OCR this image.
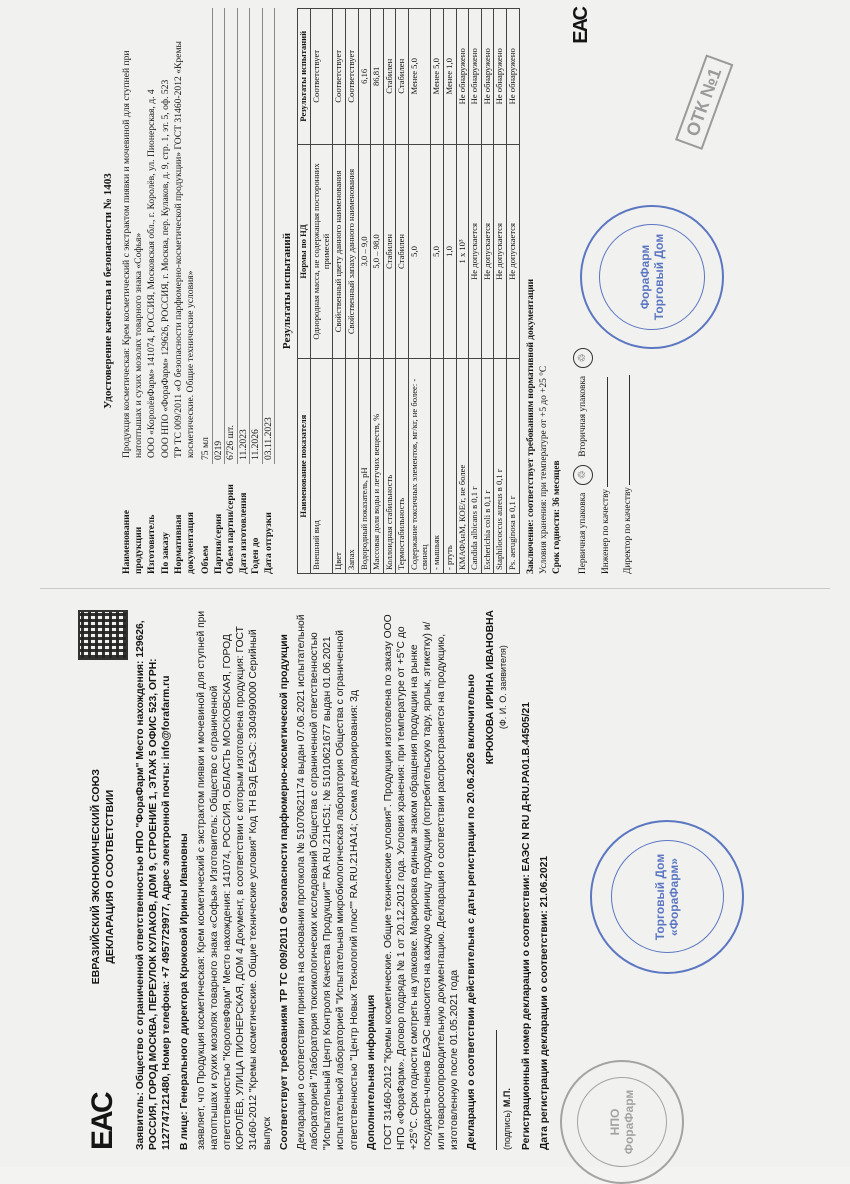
ЕАС
ЕВРАЗИЙСКИЙ ЭКОНОМИЧЕСКИЙ СОЮЗ ДЕКЛАРАЦИЯ О СООТВЕТСТВИИ Заявитель: Общество с ограниченной ответственностью НПО "ФораФарм" Место нахождения: 129626, РОССИЯ, ГОРОД МОСКВА, ПЕРЕУЛОК КУЛАКОВ, ДОМ 9, СТРОЕНИЕ 1, ЭТАЖ 5 ОФИС 523, ОГРН: 1127747121480, Номер телефона: +7 4957729977, Адрес электронной почты: info@forafarm.ru В лице: Генерального директора Крюковой Ирины Ивановны заявляет, что Продукция косметическая: Крем косметический с экстрактом пиявки и мочевиной для ступней при натоптышах и сухих мозолях товарного знака «Софья» Изготовитель: Общество с ограниченной ответственностью "КоролевФарм" Место нахождения: 141074, РОССИЯ, ОБЛАСТЬ МОСКОВСКАЯ, ГОРОД КОРОЛЁВ, УЛИЦА ПИОНЕРСКАЯ, ДОМ 4 Документ, в соответствии с которым изготовлена продукция: ГОСТ 31460-2012 "Кремы косметические. Общие технические условия" Код ТН ВЭД ЕАЭС: 3304990000 Серийный выпуск Соответствует требованиям ТР ТС 009/2011 О безопасности парфюмерно-косметической продукции Декларация о соответствии принята на основании протокола № 51070621174 выдан 07.06.2021 испытательной лабораторией "Лаборатория токсикологических исследований Общества с ограниченной ответственностью "Испытательный Центр Контроля Качества Продукции"" RA.RU.21НС51; № 51010621677 выдан 01.06.2021 испытательной лабораторией "Испытательная микробиологическая лаборатория Общества с ограниченной ответственностью "Центр Новых Технологий плюс"" RA.RU.21НА14; Схема декларирования: 3д Дополнительная информация ГОСТ 31460-2012 "Кремы косметические. Общие технические условия". Продукция изготовлена по заказу ООО НПО «ФораФарм». Договор подряда № 1 от 20.12.2012 года. Условия хранения: при температуре от +5°С до +25°С. Срок годности смотреть на упаковке. Маркировка единым знаком обращения продукции на рынке государств-членов ЕАЭС наносится на каждую единицу продукции (потребительскую тару, ярлык, этикетку) и/или товаросопроводительную документацию. Декларация о соответствии распространяется на продукцию, изготовленную после 01.05.2021 года Декларация о соответствии действительна с даты регистрации по 20.06.2026 включительно	(подпись) М.П.
КРЮКОВА ИРИНА ИВАНОВНА (Ф. И. О. заявителя)

Регистрационный номер декларации о соответствии: ЕАЭС N RU Д-RU.PA01.B.44505/21 Дата регистрации декларации о соответствии: 21.06.2021

Удостоверение качества и безопасности № 1403
Наименование продукции
Продукция косметическая: Крем косметический с экстрактом пиявки и мочевиной для ступней при натоптышах и сухих мозолях товарного знака «Софья»
Изготовитель
ООО «КоролёвФарм» 141074, РОССИЯ, Московская обл., г. Королёв, ул. Пионерская, д. 4
По заказу
ООО НПО «ФораФарм» 129626, РОССИЯ, г. Москва, пер. Кулаков, д. 9, стр. 1, эт. 5, оф. 523
Нормативная документация
ТР ТС 009/2011 «О безопасности парфюмерно-косметической продукции» ГОСТ 31460-2012 «Кремы косметические. Общие технические условия»
Объем
75 мл
Партия/серия
0219
Объем партии/серии
6726 шт.
Дата изготовления
11.2023
Годен до
11.2026
Дата отгрузки
03.11.2023
Результаты испытаний
Наименование показателя	Нормы по НД	Результаты испытаний
Внешний вид	Однородная масса, не содержащая посторонних примесей	Соответствует
Цвет	Свойственный цвету данного наименования	Соответствует
Запах	Свойственный запаху данного наименования	Соответствует
Водородный показатель, pH	3,0 – 9,0	6,16
Массовая доля воды и летучих веществ, %	5,0 – 98,0	86,81
Коллоидная стабильность	Стабилен	Стабилен
Термостабильность	Стабилен	Стабилен
Содержание токсичных элементов, мг/кг, не более: - свинец	5,0	Менее 5,0
- мышьяк	5,0	Менее 5,0
- ртуть	1,0	Менее 1,0
КМАФАнМ, КОЕ/г, не более	1 х 10³	Не обнаружено
Candida albicans в 0,1 г	Не допускается	Не обнаружено
Escherichia coli в 0,1 г	Не допускается	Не обнаружено
Staphilococcus aureus в 0,1 г	Не допускается	Не обнаружено
Ps. aeruginosa в 0,1 г	Не допускается	Не обнаружено
Заключение: соответствует требованиям нормативной документации Условия хранения: при температуре от +5 до +25 °С Срок годности: 36 месяцев Первичная упаковка
♲
Вторичная упаковка
♲
ЕАС
Инженер по качеству Директор по качеству
НПО ФораФарм
Торговый Дом «ФораФарм»
ФораФарм Торговый Дом
ОТК №1
